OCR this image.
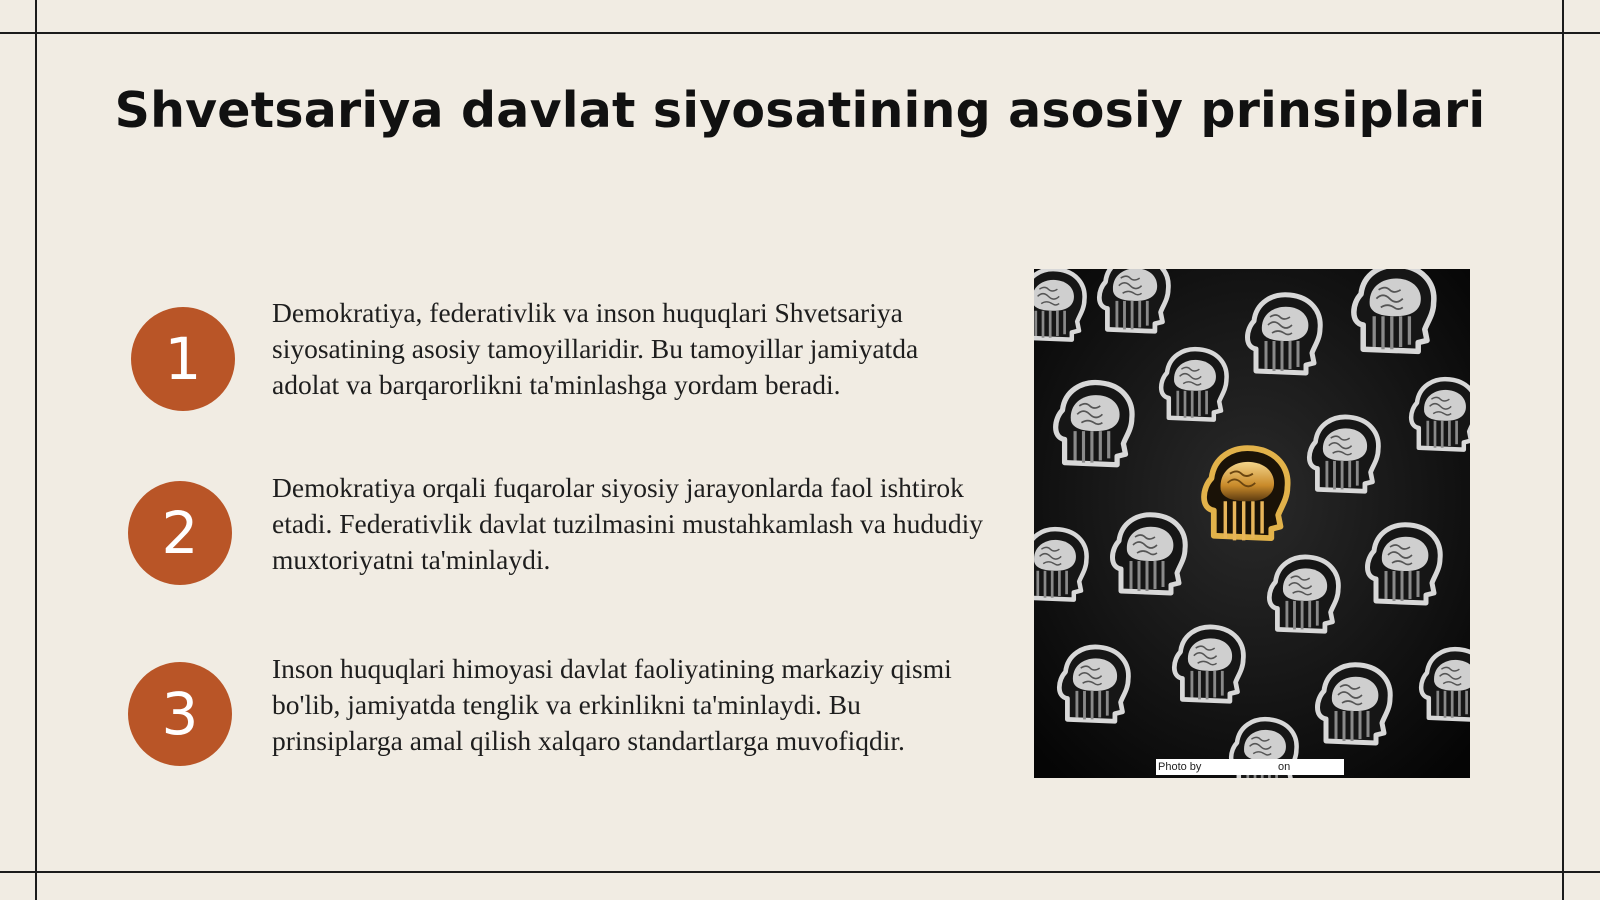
Shvetsariya davlat siyosatining asosiy prinsiplari
1
Demokratiya, federativlik va inson huquqlari Shvetsariya siyosatining asosiy tamoyillaridir. Bu tamoyillar jamiyatda adolat va barqarorlikni ta'minlashga yordam beradi.
2
Demokratiya orqali fuqarolar siyosiy jarayonlarda faol ishtirok etadi. Federativlik davlat tuzilmasini mustahkamlash va hududiy muxtoriyatni ta'minlaydi.
3
Inson huquqlari himoyasi davlat faoliyatining markaziy qismi bo'lib, jamiyatda tenglik va erkinlikni ta'minlaydi. Bu prinsiplarga amal qilish xalqaro standartlarga muvofiqdir.
Photo by	on
